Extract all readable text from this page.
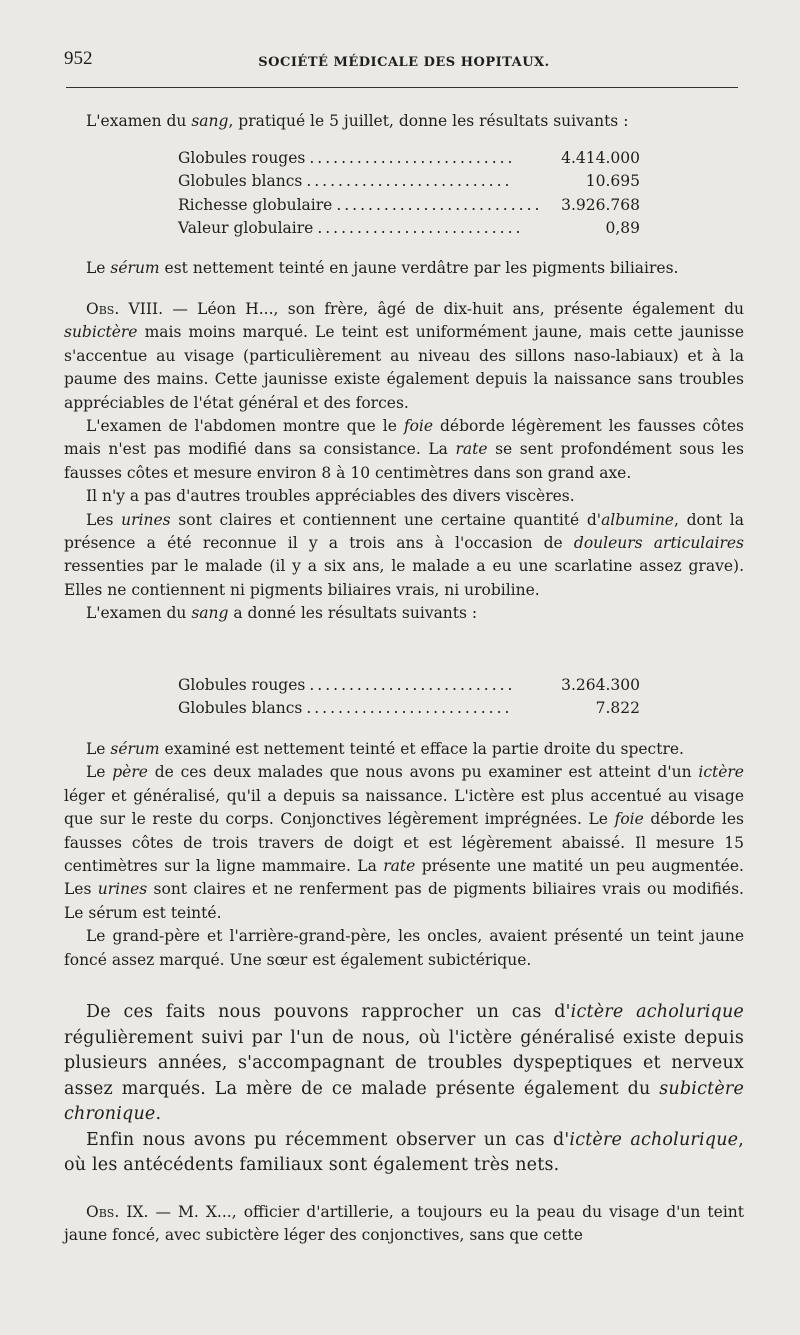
952	SOCIÉTÉ MÉDICALE DES HOPITAUX.

L'examen du sang, pratiqué le 5 juillet, donne les résultats suivants :

Globules rouges ..........................	4.414.000
Globules blancs ..........................	10.695
Richesse globulaire ..........................	3.926.768
Valeur globulaire ..........................	0,89

Le sérum est nettement teinté en jaune verdâtre par les pigments biliaires.

Obs. VIII. — Léon H..., son frère, âgé de dix-huit ans, présente également du subictère mais moins marqué. Le teint est uniformément jaune, mais cette jaunisse s'accentue au visage (particulièrement au niveau des sillons naso-labiaux) et à la paume des mains. Cette jaunisse existe également depuis la naissance sans troubles appréciables de l'état général et des forces.

L'examen de l'abdomen montre que le foie déborde légèrement les fausses côtes mais n'est pas modifié dans sa consistance. La rate se sent profondément sous les fausses côtes et mesure environ 8 à 10 centimètres dans son grand axe.

Il n'y a pas d'autres troubles appréciables des divers viscères.

Les urines sont claires et contiennent une certaine quantité d'albumine, dont la présence a été reconnue il y a trois ans à l'occasion de douleurs articulaires ressenties par le malade (il y a six ans, le malade a eu une scarlatine assez grave). Elles ne contiennent ni pigments biliaires vrais, ni urobiline.

L'examen du sang a donné les résultats suivants :

Globules rouges ..........................	3.264.300
Globules blancs ..........................	7.822

Le sérum examiné est nettement teinté et efface la partie droite du spectre.

Le père de ces deux malades que nous avons pu examiner est atteint d'un ictère léger et généralisé, qu'il a depuis sa naissance. L'ictère est plus accentué au visage que sur le reste du corps. Conjonctives légèrement imprégnées. Le foie déborde les fausses côtes de trois travers de doigt et est légèrement abaissé. Il mesure 15 centimètres sur la ligne mammaire. La rate présente une matité un peu augmentée. Les urines sont claires et ne renferment pas de pigments biliaires vrais ou modifiés. Le sérum est teinté.

Le grand-père et l'arrière-grand-père, les oncles, avaient présenté un teint jaune foncé assez marqué. Une sœur est également subictérique.

De ces faits nous pouvons rapprocher un cas d'ictère acholurique régulièrement suivi par l'un de nous, où l'ictère généralisé existe depuis plusieurs années, s'accompagnant de troubles dyspeptiques et nerveux assez marqués. La mère de ce malade présente également du subictère chronique.

Enfin nous avons pu récemment observer un cas d'ictère acholurique, où les antécédents familiaux sont également très nets.

Obs. IX. — M. X..., officier d'artillerie, a toujours eu la peau du visage d'un teint jaune foncé, avec subictère léger des conjonctives, sans que cette
